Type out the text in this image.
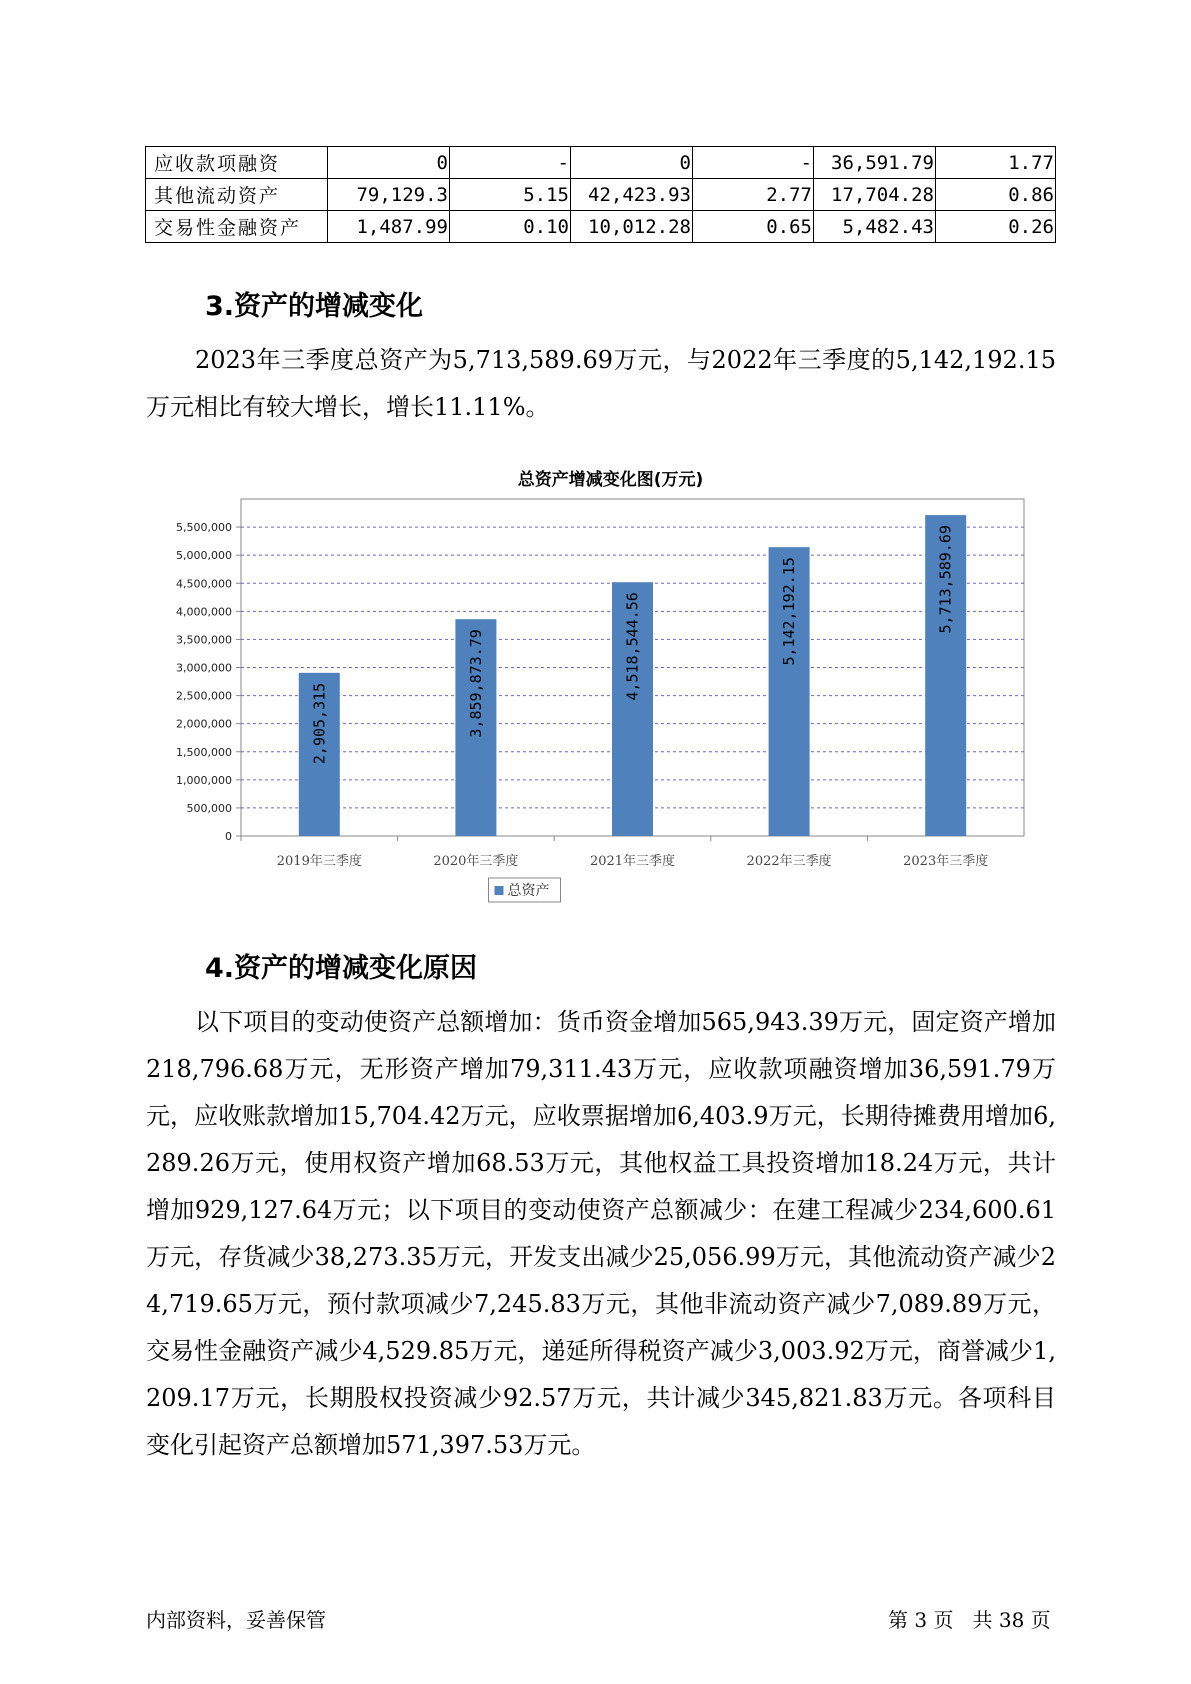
应收款项融资	0	-	0	-	36,591.79	1.77
其他流动资产	79,129.3	5.15	42,423.93	2.77	17,704.28	0.86
交易性金融资产	1,487.99	0.10	10,012.28	0.65	5,482.43	0.26
3.资产的增减变化

2023年三季度总资产为5,713,589.69万元，与2022年三季度的5,142,192.15万元相比有较大增长，增长11.11%。

总资产增减变化图(万元)
0
500,000
1,000,000
1,500,000
2,000,000
2,500,000
3,000,000
3,500,000
4,000,000
4,500,000
5,000,000
5,500,000
2,905,315
2019年三季度
3,859,873.79
2020年三季度
4,518,544.56
2021年三季度
5,142,192.15
2022年三季度
5,713,589.69
2023年三季度
总资产
4.资产的增减变化原因

以下项目的变动使资产总额增加：货币资金增加565,943.39万元，固定资产增加218,796.68万元，无形资产增加79,311.43万元，应收款项融资增加36,591.79万元，应收账款增加15,704.42万元，应收票据增加6,403.9万元，长期待摊费用增加6,289.26万元，使用权资产增加68.53万元，其他权益工具投资增加18.24万元，共计增加929,127.64万元；以下项目的变动使资产总额减少：在建工程减少234,600.61万元，存货减少38,273.35万元，开发支出减少25,056.99万元，其他流动资产减少24,719.65万元，预付款项减少7,245.83万元，其他非流动资产减少7,089.89万元，交易性金融资产减少4,529.85万元，递延所得税资产减少3,003.92万元，商誉减少1,209.17万元，长期股权投资减少92.57万元，共计减少345,821.83万元。各项科目变化引起资产总额增加571,397.53万元。

内部资料，妥善保管	第 3 页   共 38 页
